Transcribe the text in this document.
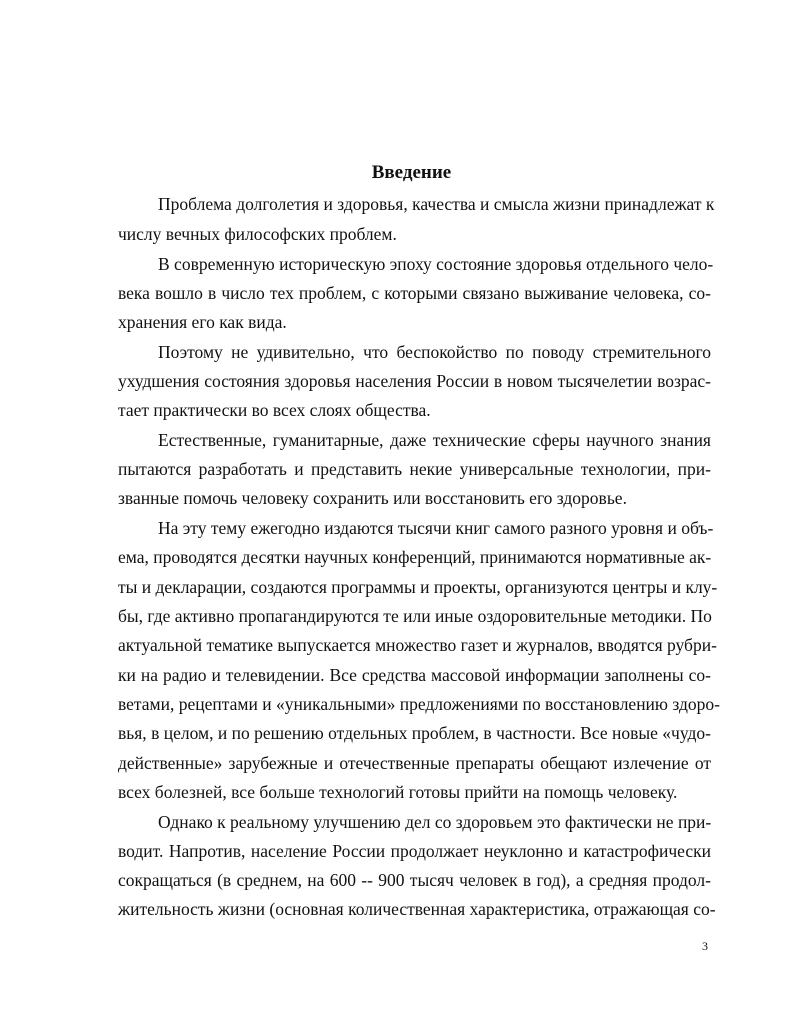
Введение
Проблема долголетия и здоровья, качества и смысла жизни принадлежат к
числу вечных философских проблем.
В современную историческую эпоху состояние здоровья отдельного чело-
века вошло в число тех проблем, с которыми связано выживание человека, со-
хранения его как вида.
Поэтому не удивительно, что беспокойство по поводу стремительного
ухудшения состояния здоровья населения России в новом тысячелетии возрас-
тает практически во всех слоях общества.
Естественные, гуманитарные, даже технические сферы научного знания
пытаются разработать и представить некие универсальные технологии, при-
званные помочь человеку сохранить или восстановить его здоровье.
На эту тему ежегодно издаются тысячи книг самого разного уровня и объ-
ема, проводятся десятки научных конференций, принимаются нормативные ак-
ты и декларации, создаются программы и проекты, организуются центры и клу-
бы, где активно пропагандируются те или иные оздоровительные методики. По
актуальной тематике выпускается множество газет и журналов, вводятся рубри-
ки на радио и телевидении. Все средства массовой информации заполнены со-
ветами, рецептами и «уникальными» предложениями по восстановлению здоро-
вья, в целом, и по решению отдельных проблем, в частности. Все новые «чудо-
действенные» зарубежные и отечественные препараты обещают излечение от
всех болезней, все больше технологий готовы прийти на помощь человеку.
Однако к реальному улучшению дел со здоровьем это фактически не при-
водит. Напротив, население России продолжает неуклонно и катастрофически
сокращаться (в среднем, на 600 -- 900 тысяч человек в год), а средняя продол-
жительность жизни (основная количественная характеристика, отражающая со-
3
